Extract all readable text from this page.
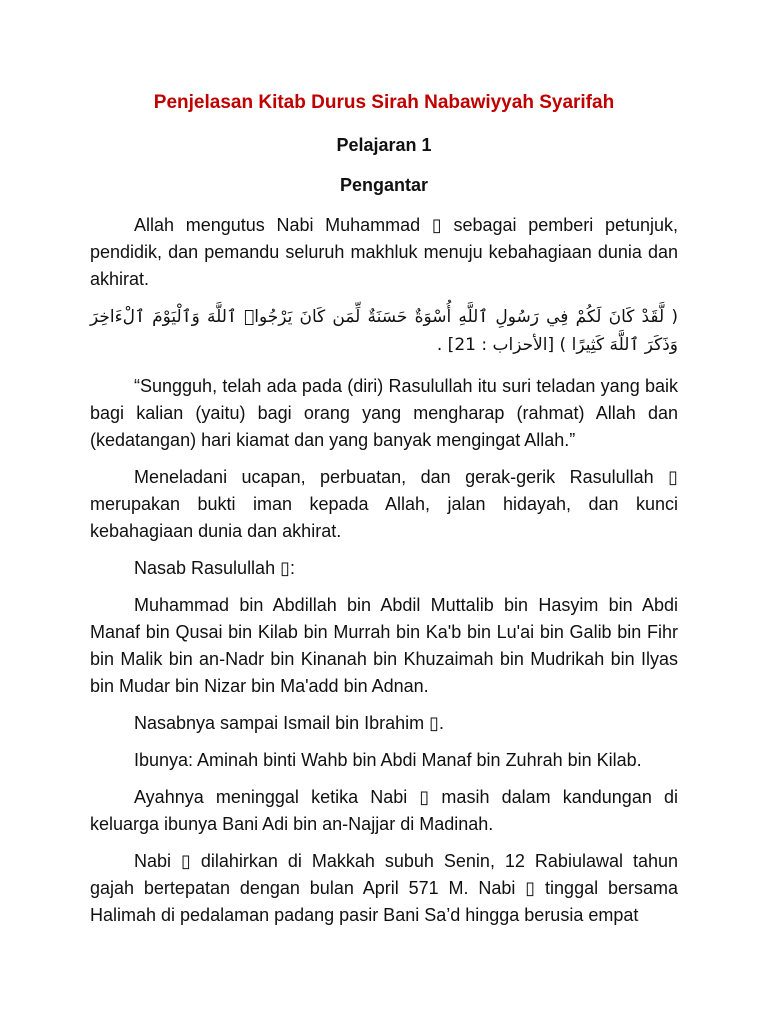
Penjelasan Kitab Durus Sirah Nabawiyyah Syarifah
Pelajaran 1
Pengantar

Allah mengutus Nabi Muhammad ▯ sebagai pemberi petunjuk, pendidik, dan pemandu seluruh makhluk menuju kebahagiaan dunia dan akhirat.

( لَّقَدْ كَانَ لَكُمْ فِي رَسُولِ ٱللَّهِ أُسْوَةٌ حَسَنَةٌ لِّمَن كَانَ يَرْجُوا۟ ٱللَّهَ وَٱلْيَوْمَ ٱلْءَاخِرَ وَذَكَرَ ٱللَّهَ كَثِيرًا ) [الأحزاب : 21] .

“Sungguh, telah ada pada (diri) Rasulullah itu suri teladan yang baik bagi kalian (yaitu) bagi orang yang mengharap (rahmat) Allah dan (kedatangan) hari kiamat dan yang banyak mengingat Allah.”

Meneladani ucapan, perbuatan, dan gerak-gerik Rasulullah ▯ merupakan bukti iman kepada Allah, jalan hidayah, dan kunci kebahagiaan dunia dan akhirat.

Nasab Rasulullah ▯:

Muhammad bin Abdillah bin Abdil Muttalib bin Hasyim bin Abdi Manaf bin Qusai bin Kilab bin Murrah bin Ka'b bin Lu'ai bin Galib bin Fihr bin Malik bin an-Nadr bin Kinanah bin Khuzaimah bin Mudrikah bin Ilyas bin Mudar bin Nizar bin Ma'add bin Adnan.

Nasabnya sampai Ismail bin Ibrahim ▯.

Ibunya: Aminah binti Wahb bin Abdi Manaf bin Zuhrah bin Kilab.

Ayahnya meninggal ketika Nabi ▯ masih dalam kandungan di keluarga ibunya Bani Adi bin an-Najjar di Madinah.

Nabi ▯ dilahirkan di Makkah subuh Senin, 12 Rabiulawal tahun gajah bertepatan dengan bulan April 571 M. Nabi ▯ tinggal bersama Halimah di pedalaman padang pasir Bani Sa’d hingga berusia empat
